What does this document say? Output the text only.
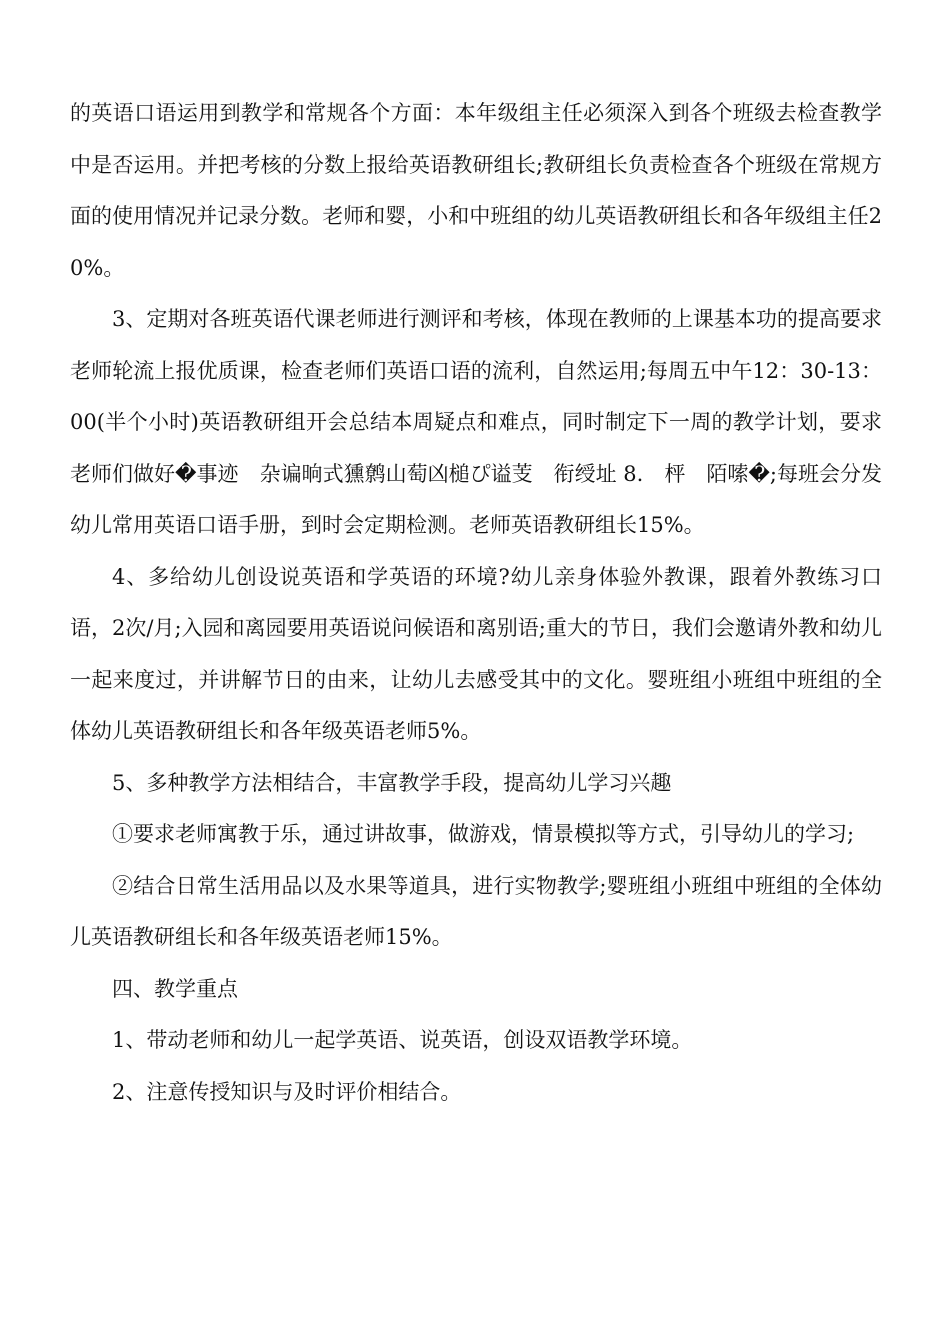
的英语口语运用到教学和常规各个方面：本年级组主任必须深入到各个班级去检查教学中是否运用。并把考核的分数上报给英语教研组长;教研组长负责检查各个班级在常规方面的使用情况并记录分数。老师和婴，小和中班组的幼儿英语教研组长和各年级组主任20%。

3、定期对各班英语代课老师进行测评和考核，体现在教师的上课基本功的提高要求老师轮流上报优质课，检查老师们英语口语的流利，自然运用;每周五中午12：30-13：00(半个小时)英语教研组开会总结本周疑点和难点，同时制定下一周的教学计划，要求老师们做好�事迹　杂谝晌式獯鹩山萄凶槌ぴ谥芰　衔绶址 8.　枰　陌嗦�;每班会分发幼儿常用英语口语手册，到时会定期检测。老师英语教研组长15%。

4、多给幼儿创设说英语和学英语的环境?幼儿亲身体验外教课，跟着外教练习口语，2次/月;入园和离园要用英语说问候语和离别语;重大的节日，我们会邀请外教和幼儿一起来度过，并讲解节日的由来，让幼儿去感受其中的文化。婴班组小班组中班组的全体幼儿英语教研组长和各年级英语老师5%。

5、多种教学方法相结合，丰富教学手段，提高幼儿学习兴趣

①要求老师寓教于乐，通过讲故事，做游戏，情景模拟等方式，引导幼儿的学习;

②结合日常生活用品以及水果等道具，进行实物教学;婴班组小班组中班组的全体幼儿英语教研组长和各年级英语老师15%。

四、教学重点

1、带动老师和幼儿一起学英语、说英语，创设双语教学环境。

2、注意传授知识与及时评价相结合。
